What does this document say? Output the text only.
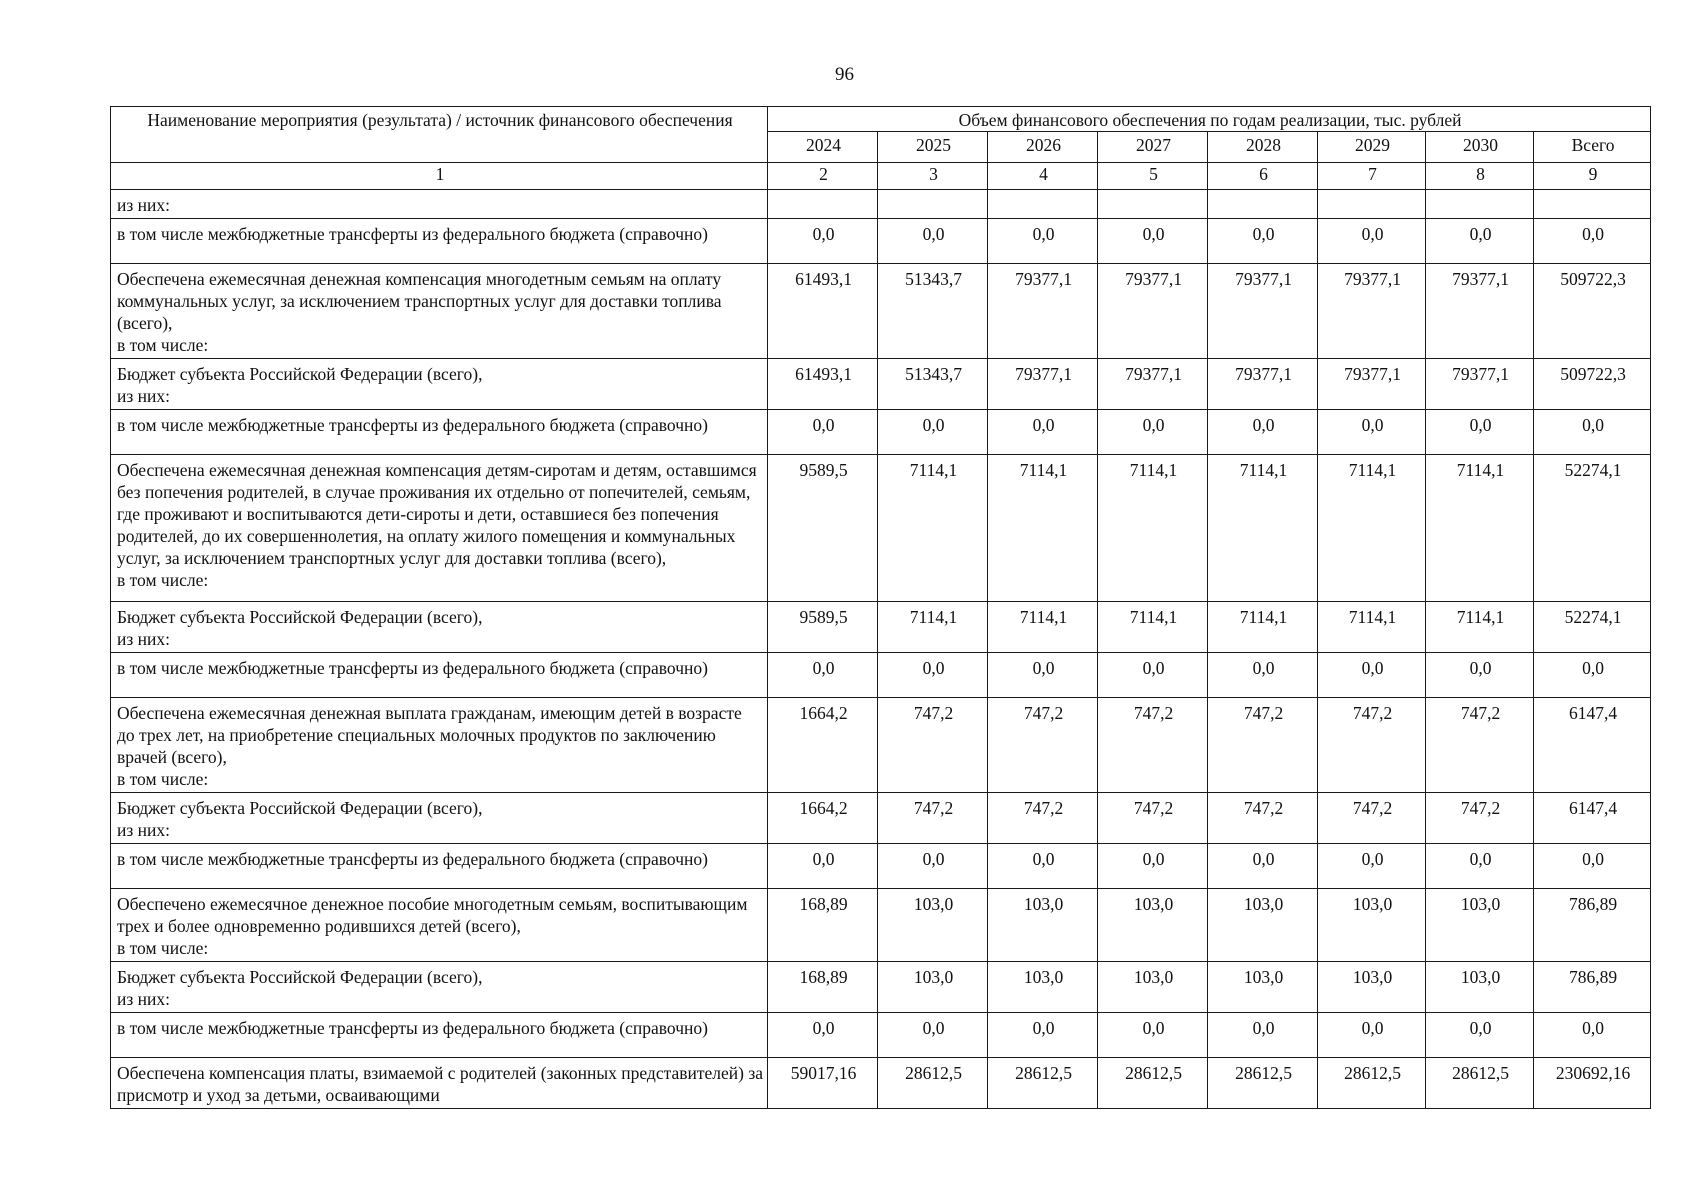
96
Наименование мероприятия (результата) / источник финансового обеспечения	Объем финансового обеспечения по годам реализации, тыс. рублей							
	2024	2025	2026	2027	2028	2029	2030	Всего
1	2	3	4	5	6	7	8	9
из них:								
в том числе межбюджетные трансферты из федерального бюджета (справочно)	0,0	0,0	0,0	0,0	0,0	0,0	0,0	0,0
Обеспечена ежемесячная денежная компенсация многодетным семьям на оплату коммунальных услуг, за исключением транспортных услуг для доставки топлива (всего),
в том числе:	61493,1	51343,7	79377,1	79377,1	79377,1	79377,1	79377,1	509722,3
Бюджет субъекта Российской Федерации (всего),
из них:	61493,1	51343,7	79377,1	79377,1	79377,1	79377,1	79377,1	509722,3
в том числе межбюджетные трансферты из федерального бюджета (справочно)	0,0	0,0	0,0	0,0	0,0	0,0	0,0	0,0
Обеспечена ежемесячная денежная компенсация детям-сиротам и детям, оставшимся без попечения родителей, в случае проживания их отдельно от попечителей, семьям, где проживают и воспитываются дети-сироты и дети, оставшиеся без попечения родителей, до их совершеннолетия, на оплату жилого помещения и коммунальных услуг, за исключением транспортных услуг для доставки топлива (всего),
в том числе:	9589,5	7114,1	7114,1	7114,1	7114,1	7114,1	7114,1	52274,1
Бюджет субъекта Российской Федерации (всего),
из них:	9589,5	7114,1	7114,1	7114,1	7114,1	7114,1	7114,1	52274,1
в том числе межбюджетные трансферты из федерального бюджета (справочно)	0,0	0,0	0,0	0,0	0,0	0,0	0,0	0,0
Обеспечена ежемесячная денежная выплата гражданам, имеющим детей в возрасте до трех лет, на приобретение специальных молочных продуктов по заключению врачей (всего),
в том числе:	1664,2	747,2	747,2	747,2	747,2	747,2	747,2	6147,4
Бюджет субъекта Российской Федерации (всего),
из них:	1664,2	747,2	747,2	747,2	747,2	747,2	747,2	6147,4
в том числе межбюджетные трансферты из федерального бюджета (справочно)	0,0	0,0	0,0	0,0	0,0	0,0	0,0	0,0
Обеспечено ежемесячное денежное пособие многодетным семьям, воспитывающим трех и более одновременно родившихся детей (всего),
в том числе:	168,89	103,0	103,0	103,0	103,0	103,0	103,0	786,89
Бюджет субъекта Российской Федерации (всего),
из них:	168,89	103,0	103,0	103,0	103,0	103,0	103,0	786,89
в том числе межбюджетные трансферты из федерального бюджета (справочно)	0,0	0,0	0,0	0,0	0,0	0,0	0,0	0,0
Обеспечена компенсация платы, взимаемой с родителей (законных представителей) за присмотр и уход за детьми, осваивающими	59017,16	28612,5	28612,5	28612,5	28612,5	28612,5	28612,5	230692,16
